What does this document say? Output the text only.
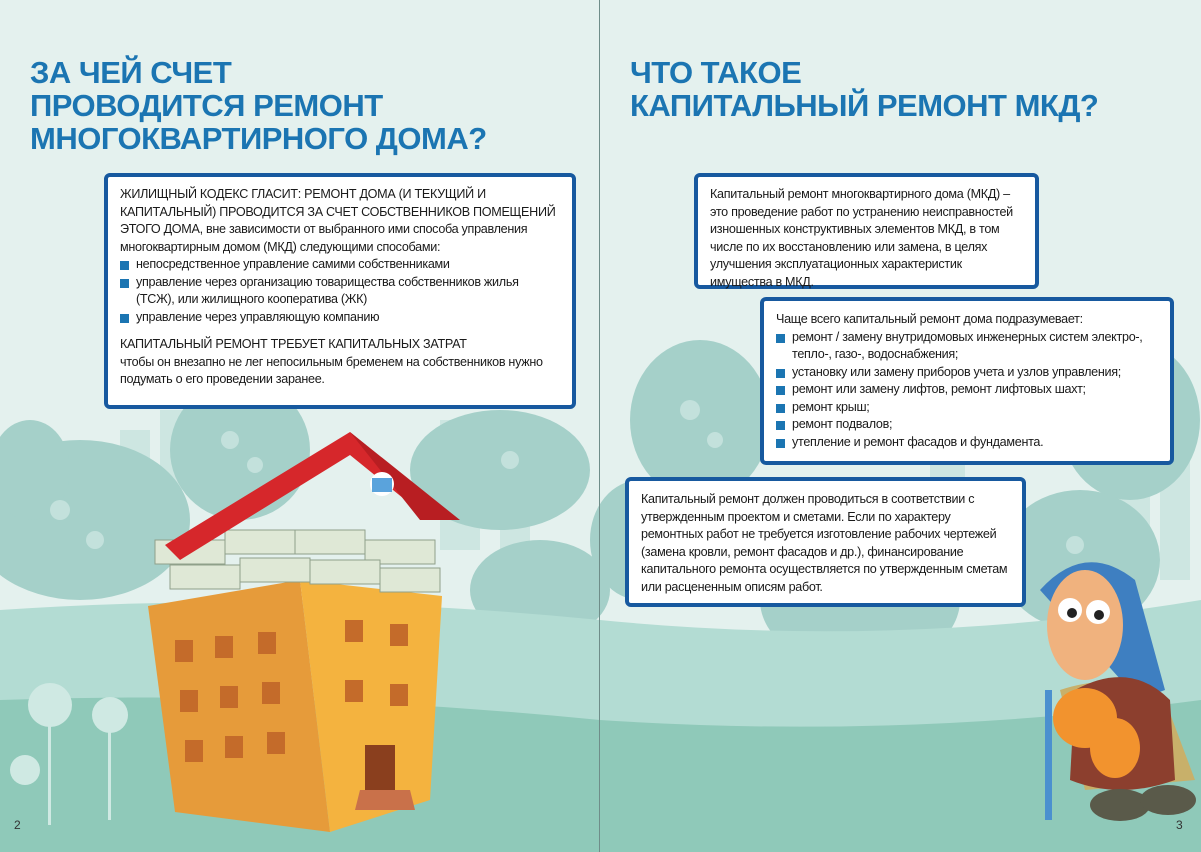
ЗА ЧЕЙ СЧЕТ
ПРОВОДИТСЯ РЕМОНТ
МНОГОКВАРТИРНОГО ДОМА?

ЖИЛИЩНЫЙ КОДЕКС ГЛАСИТ: РЕМОНТ ДОМА (И ТЕКУЩИЙ И КАПИТАЛЬНЫЙ) ПРОВОДИТСЯ ЗА СЧЕТ СОБСТВЕННИКОВ ПОМЕЩЕНИЙ ЭТОГО ДОМА, вне зависимости от выбранного ими способа управления многоквартирным домом (МКД) следующими способами:

непосредственное управление самими собственниками
управление через организацию товарищества собственников жилья (ТСЖ), или жилищного кооператива (ЖК)
управление через управляющую компанию

КАПИТАЛЬНЫЙ РЕМОНТ ТРЕБУЕТ КАПИТАЛЬНЫХ ЗАТРАТ

чтобы он внезапно не лег непосильным бременем на собственников нужно подумать о его проведении заранее.

2
ЧТО ТАКОЕ
КАПИТАЛЬНЫЙ РЕМОНТ МКД?

Капитальный ремонт многоквартирного дома (МКД) – это проведение работ по устранению неисправностей изношенных конструктивных элементов МКД, в том числе по их восстановлению или замена, в целях улучшения эксплуатационных характеристик имущества в МКД.

Чаще всего капитальный ремонт дома подразумевает:

ремонт / замену внутридомовых инженерных систем электро-, тепло-, газо-, водоснабжения;
установку или замену приборов учета и узлов управления;
ремонт или замену лифтов, ремонт лифтовых шахт;
ремонт крыш;
ремонт подвалов;
утепление и ремонт фасадов и фундамента.

Капитальный ремонт должен проводиться в соответствии с утвержденным проектом и сметами. Если по характеру ремонтных работ не требуется изготовление рабочих чертежей (замена кровли, ремонт фасадов и др.), финансирование капитального ремонта осуществляется по утвержденным сметам или расцененным описям работ.

3
